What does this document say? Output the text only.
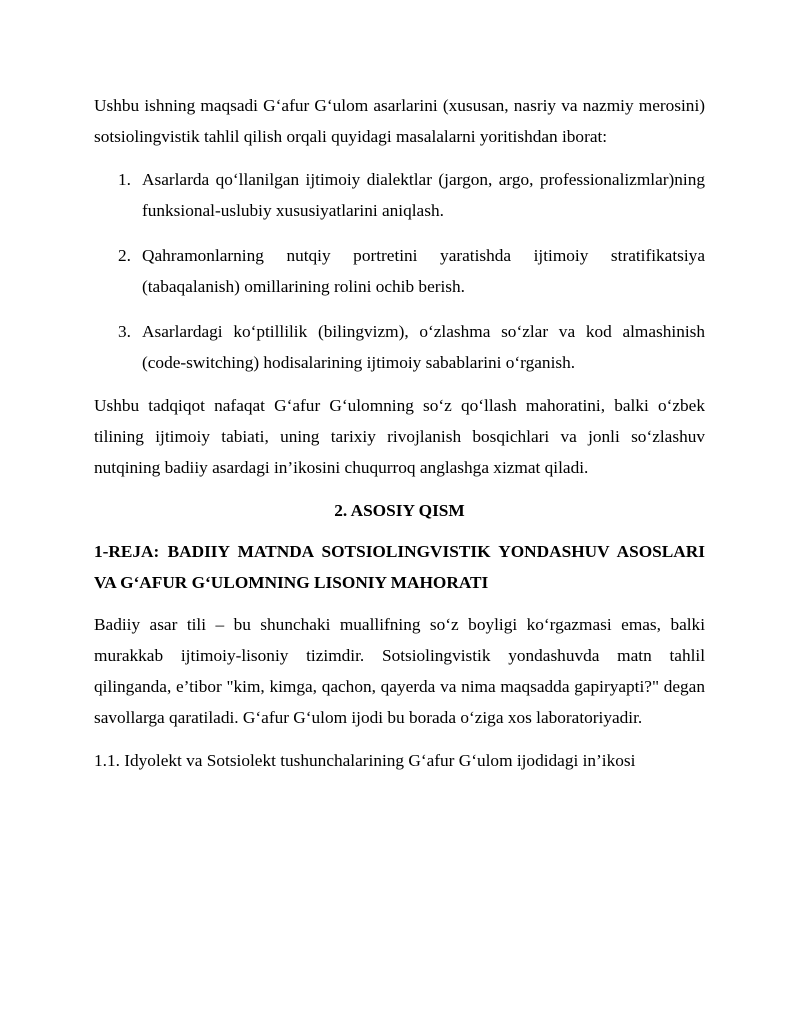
Ushbu ishning maqsadi G‘afur G‘ulom asarlarini (xususan, nasriy va nazmiy merosini) sotsiolingvistik tahlil qilish orqali quyidagi masalalarni yoritishdan iborat:

1. Asarlarda qo‘llanilgan ijtimoiy dialektlar (jargon, argo, professionalizmlar)ning funksional-uslubiy xususiyatlarini aniqlash.
2. Qahramonlarning nutqiy portretini yaratishda ijtimoiy stratifikatsiya (tabaqalanish) omillarining rolini ochib berish.
3. Asarlardagi ko‘ptillilik (bilingvizm), o‘zlashma so‘zlar va kod almashinish (code-switching) hodisalarining ijtimoiy sabablarini o‘rganish.

Ushbu tadqiqot nafaqat G‘afur G‘ulomning so‘z qo‘llash mahoratini, balki o‘zbek tilining ijtimoiy tabiati, uning tarixiy rivojlanish bosqichlari va jonli so‘zlashuv nutqining badiiy asardagi in’ikosini chuqurroq anglashga xizmat qiladi.

2. ASOSIY QISM

1-REJA: BADIIY MATNDA SOTSIOLINGVISTIK YONDASHUV ASOSLARI VA G‘AFUR G‘ULOMNING LISONIY MAHORATI

Badiiy asar tili – bu shunchaki muallifning so‘z boyligi ko‘rgazmasi emas, balki murakkab ijtimoiy-lisoniy tizimdir. Sotsiolingvistik yondashuvda matn tahlil qilinganda, e’tibor "kim, kimga, qachon, qayerda va nima maqsadda gapiryapti?" degan savollarga qaratiladi. G‘afur G‘ulom ijodi bu borada o‘ziga xos laboratoriyadir.

1.1. Idyolekt va Sotsiolekt tushunchalarining G‘afur G‘ulom ijodidagi in’ikosi
